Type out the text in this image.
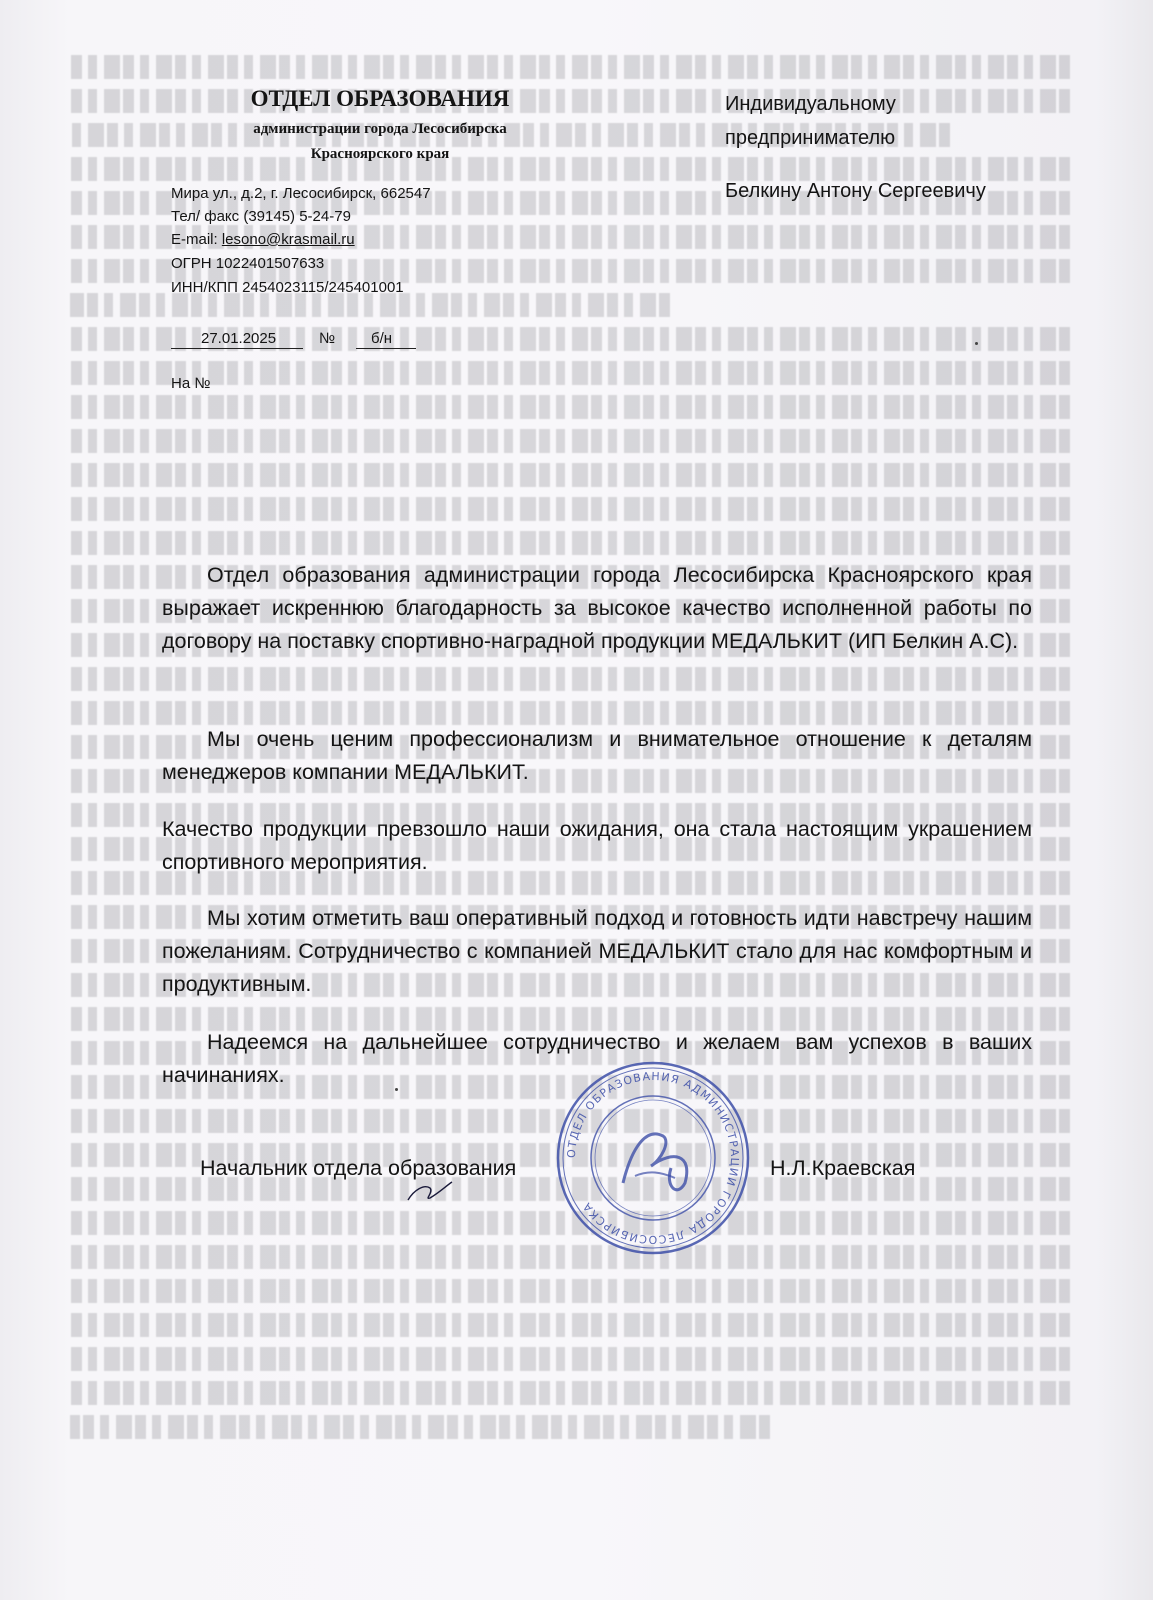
ОТДЕЛ ОБРАЗОВАНИЯ
администрации города Лесосибирска
Красноярского края
Мира ул., д.2, г. Лесосибирск, 662547
Тел/ факс (39145) 5-24-79
E-mail: lesono@krasmail.ru
ОГРН 1022401507633
ИНН/КПП 2454023115/245401001
27.01.2025	№ б/н
На №
Индивидуальному
предпринимателю
Белкину Антону Сергеевичу

Отдел образования администрации города Лесосибирска Красноярского края выражает искреннюю благодарность за высокое качество исполненной работы по договору на поставку спортивно-наградной продукции МЕДАЛЬКИТ (ИП Белкин А.С).

Мы очень ценим профессионализм и внимательное отношение к деталям менеджеров компании МЕДАЛЬКИТ.

Качество продукции превзошло наши ожидания, она стала настоящим украшением спортивного мероприятия.

Мы хотим отметить ваш оперативный подход и готовность идти навстречу нашим пожеланиям. Сотрудничество с компанией МЕДАЛЬКИТ стало для нас комфортным и продуктивным.

Надеемся на дальнейшее сотрудничество и желаем вам успехов в ваших начинаниях.

Начальник отдела образования	Н.Л.Краевская
ОТДЕЛ ОБРАЗОВАНИЯ АДМИНИСТРАЦИИ ГОРОДА ЛЕСОСИБИРСКА
